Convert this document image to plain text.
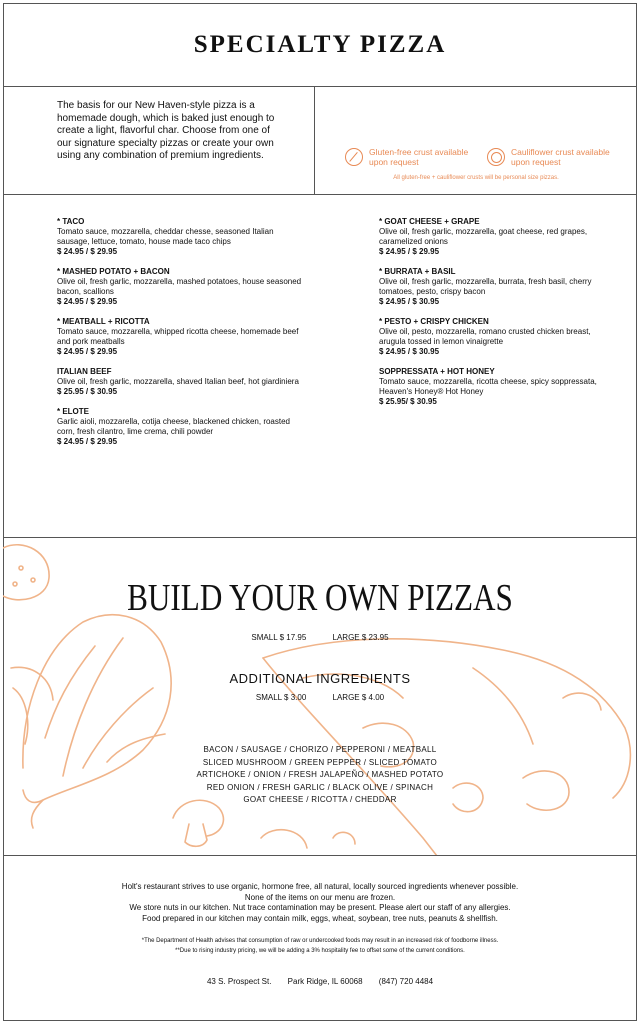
SPECIALTY PIZZA

The basis for our New Haven-style pizza is a homemade dough, which is baked just enough to create a light, flavorful char. Choose from one of our signature specialty pizzas or create your own using any combination of premium ingredients.	Gluten-free crust available upon request
Cauliflower crust available upon request
All gluten-free + cauliflower crusts will be personal size pizzas.
* TACO
Tomato sauce, mozzarella, cheddar chesse, seasoned Italian sausage, lettuce, tomato, house made taco chips
$ 24.95 / $ 29.95
* MASHED POTATO + BACON
Olive oil, fresh garlic, mozzarella, mashed potatoes, house seasoned bacon, scallions
$ 24.95 / $ 29.95
* MEATBALL + RICOTTA
Tomato sauce, mozzarella, whipped ricotta cheese, homemade beef and pork meatballs
$ 24.95 / $ 29.95
ITALIAN BEEF
Olive oil, fresh garlic, mozzarella, shaved Italian beef, hot giardiniera
$ 25.95 / $ 30.95
* ELOTE
Garlic aioli, mozzarella, cotija cheese, blackened chicken, roasted corn, fresh cilantro, lime crema, chili powder
$ 24.95 / $ 29.95
* GOAT CHEESE + GRAPE
Olive oil, fresh garlic, mozzarella, goat cheese, red grapes, caramelized onions
$ 24.95 / $ 29.95
* BURRATA + BASIL
Olive oil, fresh garlic, mozzarella, burrata, fresh basil, cherry tomatoes, pesto, crispy bacon
$ 24.95 / $ 30.95
* PESTO + CRISPY CHICKEN
Olive oil, pesto, mozzarella, romano crusted chicken breast, arugula tossed in lemon vinaigrette
$ 24.95 / $ 30.95
SOPPRESSATA + HOT HONEY
Tomato sauce, mozzarella, ricotta cheese, spicy soppressata, Heaven's Honey® Hot Honey
$ 25.95/ $ 30.95
BUILD YOUR OWN PIZZAS
SMALL $ 17.95	LARGE $ 23.95
ADDITIONAL INGREDIENTS
SMALL $ 3.00	LARGE $ 4.00
BACON / SAUSAGE / CHORIZO / PEPPERONI / MEATBALL
SLICED MUSHROOM / GREEN PEPPER / SLICED TOMATO
ARTICHOKE / ONION / FRESH JALAPEÑO / MASHED POTATO
RED ONION / FRESH GARLIC / BLACK OLIVE / SPINACH
GOAT CHEESE / RICOTTA / CHEDDAR
Holt's restaurant strives to use organic, hormone free, all natural, locally sourced ingredients whenever possible.
None of the items on our menu are frozen.
We store nuts in our kitchen. Nut trace contamination may be present. Please alert our staff of any allergies.
Food prepared in our kitchen may contain milk, eggs, wheat, soybean, tree nuts, peanuts & shellfish.
*The Department of Health advises that consumption of raw or undercooked foods may result in an increased risk of foodborne illness.
**Due to rising industry pricing, we will be adding a 3% hospitality fee to offset some of the current conditions.
43 S. Prospect St. Park Ridge, IL 60068 (847) 720 4484
